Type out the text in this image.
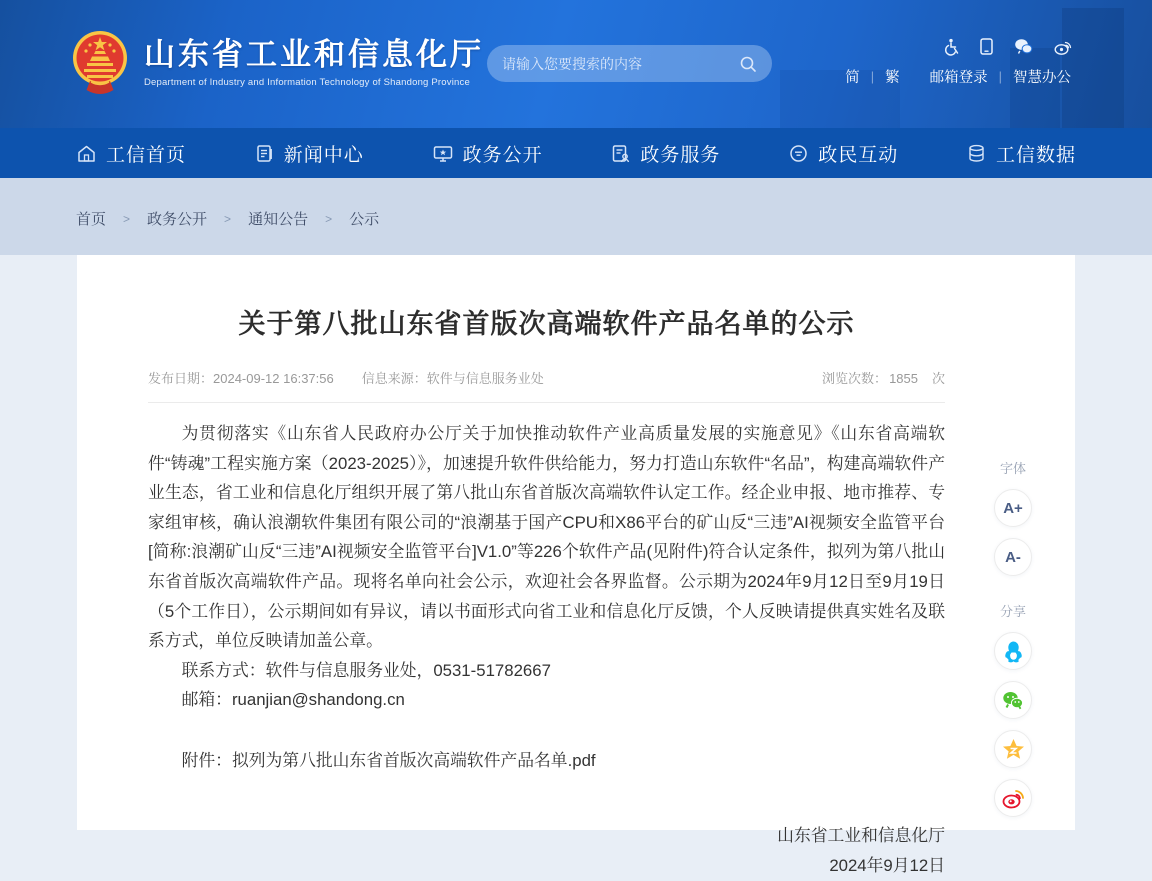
山东省工业和信息化厅
Department of Industry and Information Technology of Shandong Province
请输入您要搜索的内容	简 | 繁 邮箱登录 | 智慧办公
工信首页	新闻中心	政务公开	政务服务	政民互动	工信数据
首页 > 政务公开 > 通知公告 > 公示
关于第八批山东省首版次高端软件产品名单的公示
发布日期：2024-09-12 16:37:56 信息来源：软件与信息服务业处	浏览次数： 1855 次

为贯彻落实《山东省人民政府办公厅关于加快推动软件产业高质量发展的实施意见》《山东省高端软件“铸魂”工程实施方案（2023-2025）》，加速提升软件供给能力，努力打造山东软件“名品”，构建高端软件产业生态，省工业和信息化厅组织开展了第八批山东省首版次高端软件认定工作。经企业申报、地市推荐、专家组审核，确认浪潮软件集团有限公司的“浪潮基于国产CPU和X86平台的矿山反“三违”AI视频安全监管平台[简称:浪潮矿山反“三违”AI视频安全监管平台]V1.0”等226个软件产品(见附件)符合认定条件，拟列为第八批山东省首版次高端软件产品。现将名单向社会公示，欢迎社会各界监督。公示期为2024年9月12日至9月19日（5个工作日），公示期间如有异议，请以书面形式向省工业和信息化厅反馈，个人反映请提供真实姓名及联系方式，单位反映请加盖公章。

联系方式：软件与信息服务业处，0531-51782667

邮箱：ruanjian@shandong.cn

附件：拟列为第八批山东省首版次高端软件产品名单.pdf

山东省工业和信息化厅
2024年9月12日
字体
A+
A-
分享
